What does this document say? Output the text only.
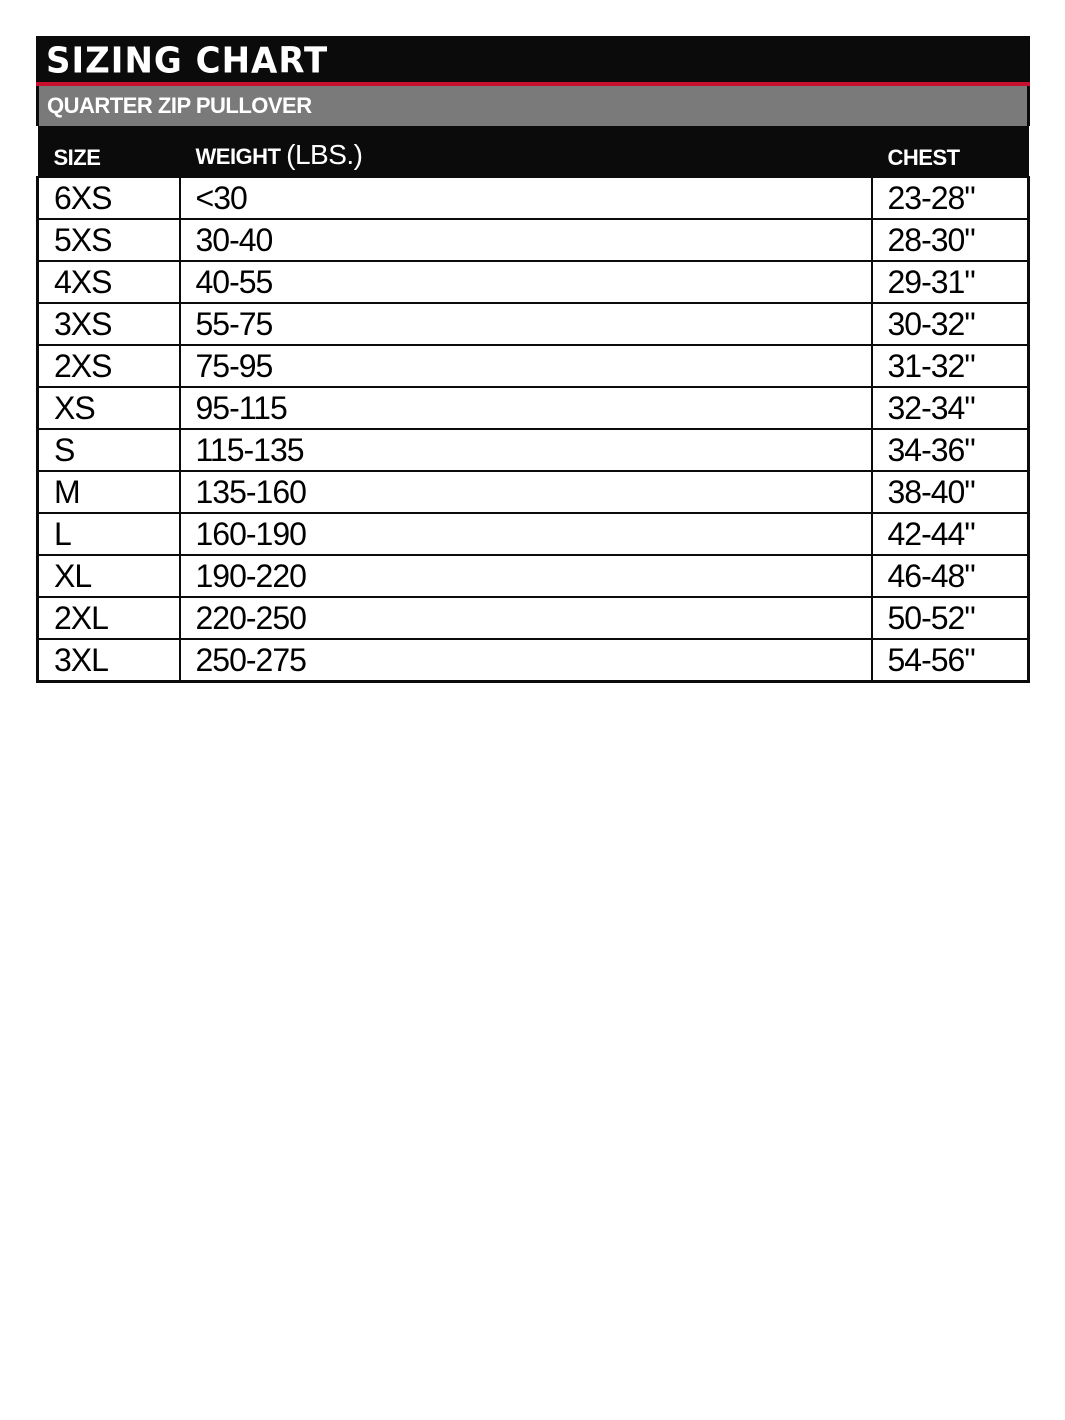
SIZING CHART
QUARTER ZIP PULLOVER
SIZE	WEIGHT (LBS.)	CHEST
6XS	<30	23-28"
5XS	30-40	28-30"
4XS	40-55	29-31"
3XS	55-75	30-32"
2XS	75-95	31-32"
XS	95-115	32-34"
S	115-135	34-36"
M	135-160	38-40"
L	160-190	42-44"
XL	190-220	46-48"
2XL	220-250	50-52"
3XL	250-275	54-56"
